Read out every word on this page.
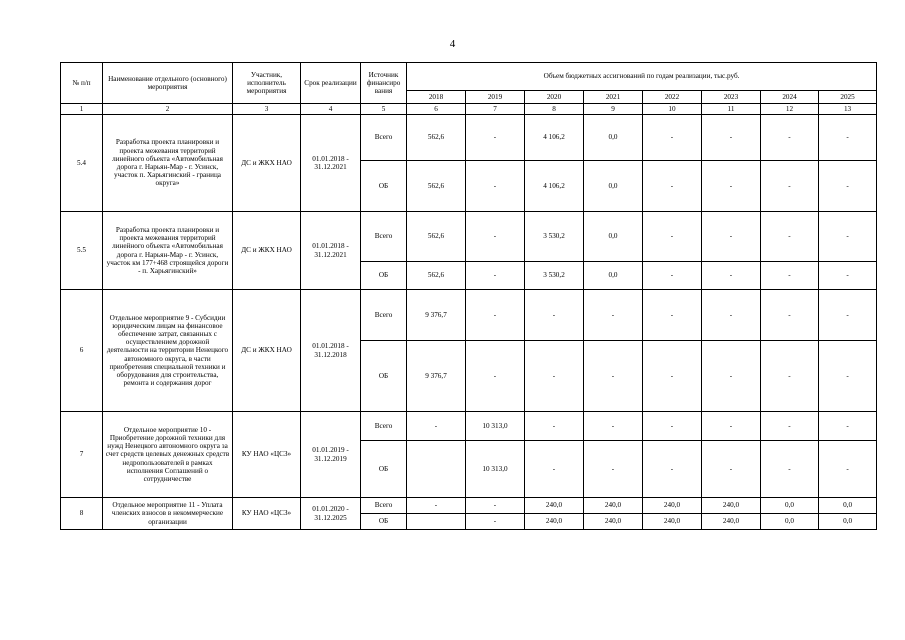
4
№ п/п	Наименование отдельного (основного) мероприятия	Участник, исполнитель мероприятия	Срок реализации	Источник финансиро вания	Объем бюджетных ассигнований по годам реализации, тыс.руб.							
					2018	2019	2020	2021	2022	2023	2024	2025
1	2	3	4	5	6	7	8	9	10	11	12	13
5.4	Разработка проекта планировки и проекта межевания территорий линейного объекта «Автомобильная дорога г. Нарьян-Мар - г. Усинск, участок п. Харьягинский - граница округа»	ДС и ЖКХ НАО	01.01.2018 - 31.12.2021	Всего	562,6	-	4 106,2	0,0	-	-	-	-
				ОБ	562,6	-	4 106,2	0,0	-	-	-	-
5.5	Разработка проекта планировки и проекта межевания территорий линейного объекта «Автомобильная дорога г. Нарьян-Мар - г. Усинск, участок км 177+468 строящейся дороги - п. Харьягинский»	ДС и ЖКХ НАО	01.01.2018 - 31.12.2021	Всего	562,6	-	3 530,2	0,0	-	-	-	-
				ОБ	562,6	-	3 530,2	0,0	-	-	-	-
6	Отдельное мероприятие 9 - Субсидии юридическим лицам на финансовое обеспечение затрат, связанных с осуществлением дорожной деятельности на территории Ненецкого автономного округа, в части приобретения специальной техники и оборудования для строительства, ремонта и содержания дорог	ДС и ЖКХ НАО	01.01.2018 - 31.12.2018	Всего	9 376,7	-	-	-	-	-	-	-
				ОБ	9 376,7	-	-	-	-	-	-	-
7	Отдельное мероприятие 10 - Приобретение дорожной техники для нужд Ненецкого автономного округа за счет средств целевых денежных средств недропользователей в рамках исполнения Соглашений о сотрудничестве	КУ НАО «ЦСЗ»	01.01.2019 - 31.12.2019	Всего	-	10 313,0	-	-	-	-	-	-
				ОБ		10 313,0	-	-	-	-	-	-
8	Отдельное мероприятие 11 - Уплата членских взносов в некоммерческие организации	КУ НАО «ЦСЗ»	01.01.2020 - 31.12.2025	Всего	-	-	240,0	240,0	240,0	240,0	0,0	0,0
				ОБ		-	240,0	240,0	240,0	240,0	0,0	0,0
